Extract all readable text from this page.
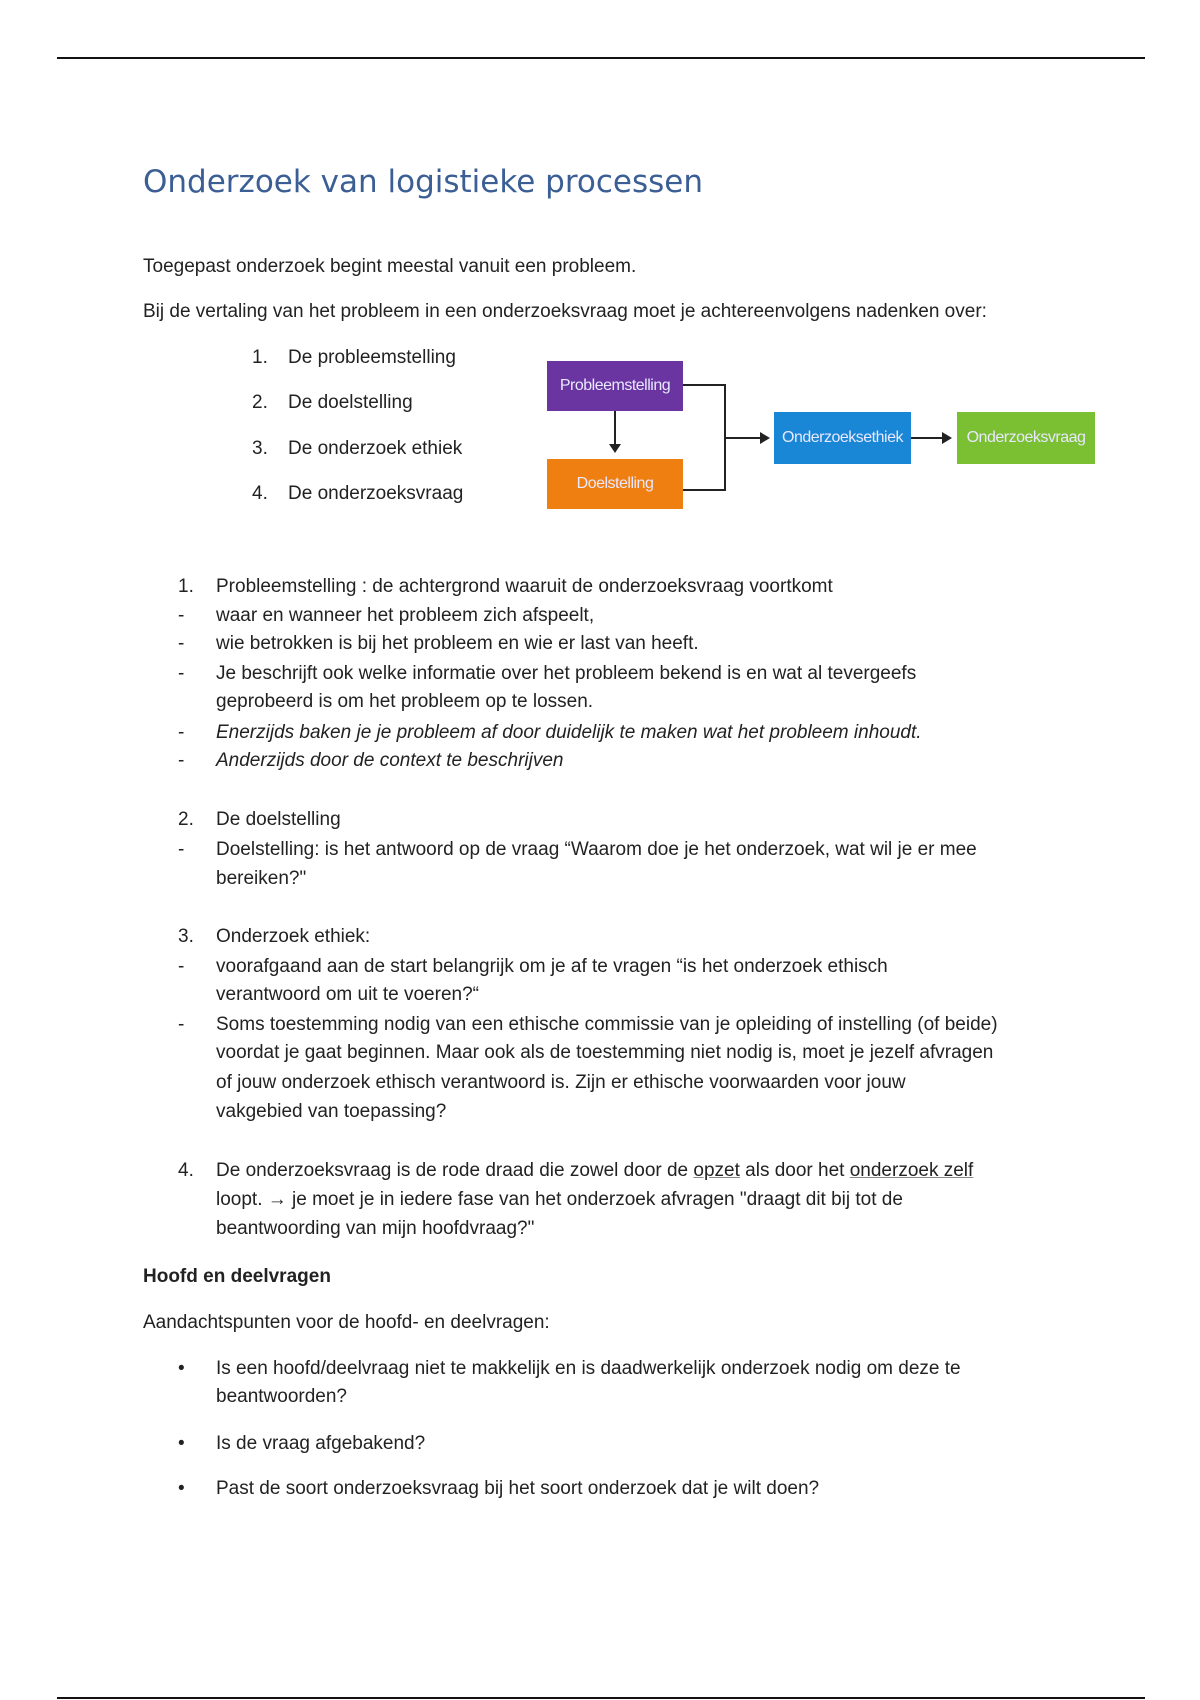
Onderzoek van logistieke processen
Toegepast onderzoek begint meestal vanuit een probleem.
Bij de vertaling van het probleem in een onderzoeksvraag moet je achtereenvolgens nadenken over:
1. De probleemstelling
2. De doelstelling
3. De onderzoek ethiek
4. De onderzoeksvraag
Probleemstelling
Doelstelling
Onderzoeksethiek	Onderzoeksvraag
1. Probleemstelling : de achtergrond waaruit de onderzoeksvraag voortkomt
- waar en wanneer het probleem zich afspeelt,
- wie betrokken is bij het probleem en wie er last van heeft.
- Je beschrijft ook welke informatie over het probleem bekend is en wat al tevergeefs
geprobeerd is om het probleem op te lossen.
- Enerzijds baken je je probleem af door duidelijk te maken wat het probleem inhoudt.
- Anderzijds door de context te beschrijven
2. De doelstelling
- Doelstelling: is het antwoord op de vraag “Waarom doe je het onderzoek, wat wil je er mee
bereiken?"
3. Onderzoek ethiek:
- voorafgaand aan de start belangrijk om je af te vragen “is het onderzoek ethisch
verantwoord om uit te voeren?“
- Soms toestemming nodig van een ethische commissie van je opleiding of instelling (of beide)
voordat je gaat beginnen. Maar ook als de toestemming niet nodig is, moet je jezelf afvragen
of jouw onderzoek ethisch verantwoord is. Zijn er ethische voorwaarden voor jouw
vakgebied van toepassing?
4. De onderzoeksvraag is de rode draad die zowel door de opzet als door het onderzoek zelf
loopt. → je moet je in iedere fase van het onderzoek afvragen "draagt dit bij tot de
beantwoording van mijn hoofdvraag?"
Hoofd en deelvragen
Aandachtspunten voor de hoofd- en deelvragen:
• Is een hoofd/deelvraag niet te makkelijk en is daadwerkelijk onderzoek nodig om deze te
beantwoorden?
• Is de vraag afgebakend?
• Past de soort onderzoeksvraag bij het soort onderzoek dat je wilt doen?
